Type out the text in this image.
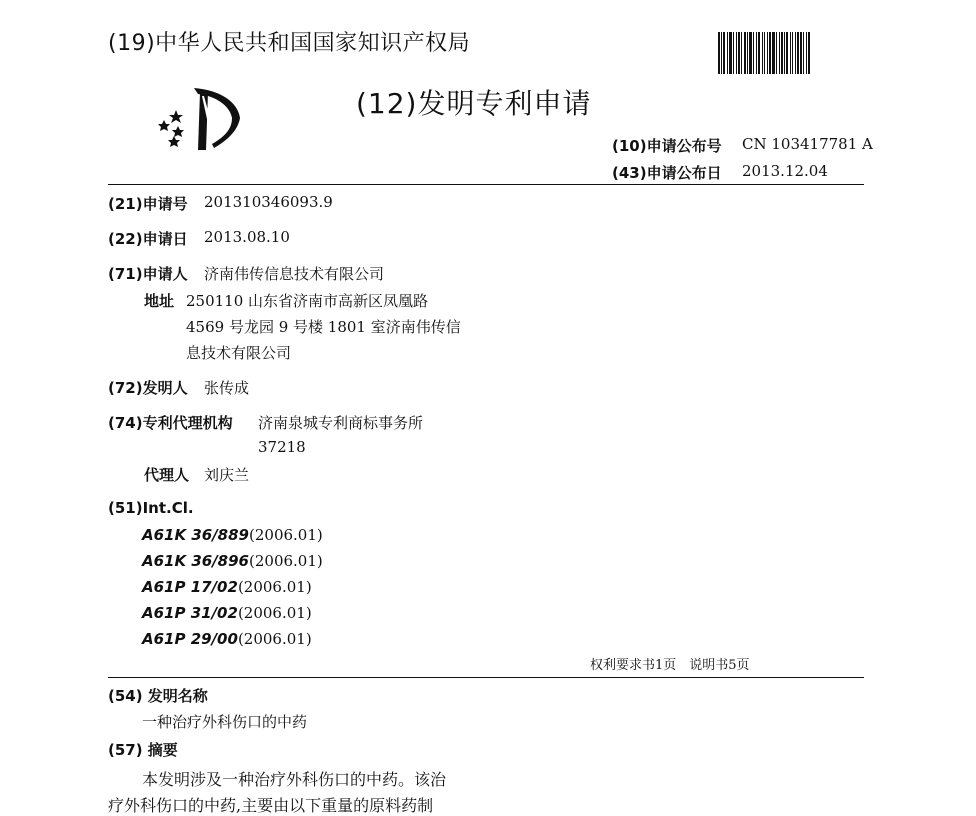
(19)中华人民共和国国家知识产权局
(12)发明专利申请
(10)申请公布号 CN 103417781 A
(43)申请公布日 2013.12.04
(21)申请号 201310346093.9
(22)申请日 2013.08.10
(71)申请人 济南伟传信息技术有限公司
地址 250110 山东省济南市高新区凤凰路
4569 号龙园 9 号楼 1801 室济南伟传信
息技术有限公司
(72)发明人 张传成
(74)专利代理机构 济南泉城专利商标事务所
37218
代理人 刘庆兰
(51)Int.Cl.
A61K 36/889(2006.01)
A61K 36/896(2006.01)
A61P 17/02(2006.01)
A61P 31/02(2006.01)
A61P 29/00(2006.01)
权利要求书1页　说明书5页
(54) 发明名称
一种治疗外科伤口的中药
(57) 摘要
本发明涉及一种治疗外科伤口的中药。该治
疗外科伤口的中药,主要由以下重量的原料药制
